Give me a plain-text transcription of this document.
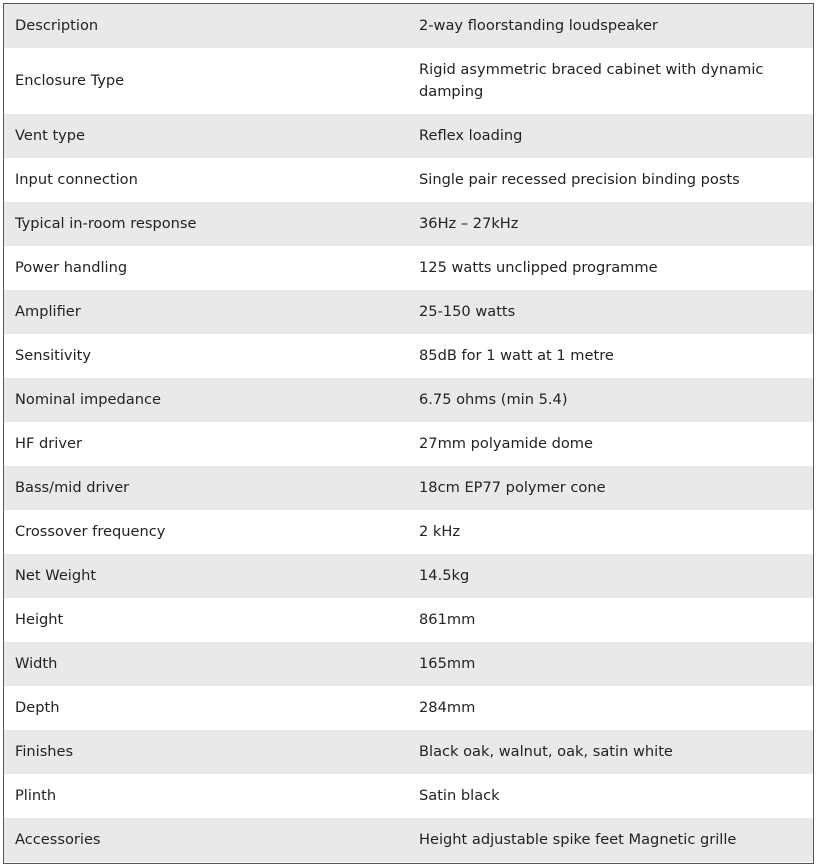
Description	2-way floorstanding loudspeaker
Enclosure Type	Rigid asymmetric braced cabinet with dynamic damping
Vent type	Reflex loading
Input connection	Single pair recessed precision binding posts
Typical in-room response	36Hz – 27kHz
Power handling	125 watts unclipped programme
Amplifier	25-150 watts
Sensitivity	85dB for 1 watt at 1 metre
Nominal impedance	6.75 ohms (min 5.4)
HF driver	27mm polyamide dome
Bass/mid driver	18cm EP77 polymer cone
Crossover frequency	2 kHz
Net Weight	14.5kg
Height	861mm
Width	165mm
Depth	284mm
Finishes	Black oak, walnut, oak, satin white
Plinth	Satin black
Accessories	Height adjustable spike feet Magnetic grille
